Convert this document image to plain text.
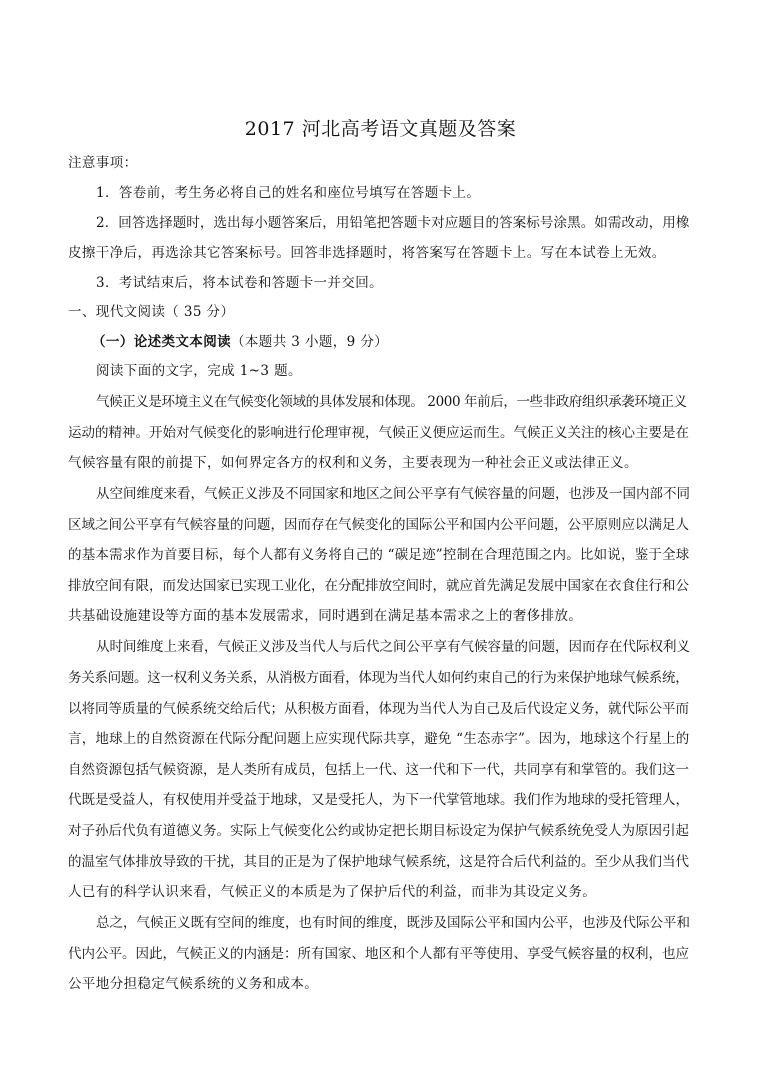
2017 河北高考语文真题及答案
注意事项：
1．答卷前，考生务必将自己的姓名和座位号填写在答题卡上。
2．回答选择题时，选出每小题答案后，用铅笔把答题卡对应题目的答案标号涂黑。如需改动，用橡
皮擦干净后，再选涂其它答案标号。回答非选择题时，将答案写在答题卡上。写在本试卷上无效。
3．考试结束后，将本试卷和答题卡一并交回。
一、现代文阅读（ 35 分）
（一）论述类文本阅读（本题共 3 小题，9 分）
阅读下面的文字，完成 1~3 题。
气候正义是环境主义在气候变化领域的具体发展和体现。 2000 年前后，一些非政府组织承袭环境正义
运动的精神。开始对气候变化的影响进行伦理审视，气候正义便应运而生。气候正义关注的核心主要是在
气候容量有限的前提下，如何界定各方的权利和义务，主要表现为一种社会正义或法律正义。
从空间维度来看，气候正义涉及不同国家和地区之间公平享有气候容量的问题，也涉及一国内部不同
区域之间公平享有气候容量的问题，因而存在气候变化的国际公平和国内公平问题，公平原则应以满足人
的基本需求作为首要目标，每个人都有义务将自己的 “碳足迹”控制在合理范围之内。比如说，鉴于全球
排放空间有限，而发达国家已实现工业化，在分配排放空间时，就应首先满足发展中国家在衣食住行和公
共基础设施建设等方面的基本发展需求，同时遇到在满足基本需求之上的奢侈排放。
从时间维度上来看，气候正义涉及当代人与后代之间公平享有气候容量的问题，因而存在代际权利义
务关系问题。这一权利义务关系，从消极方面看，体现为当代人如何约束自己的行为来保护地球气候系统，
以将同等质量的气候系统交给后代；从积极方面看，体现为当代人为自己及后代设定义务，就代际公平而
言，地球上的自然资源在代际分配问题上应实现代际共享，避免 “生态赤字”。因为，地球这个行星上的
自然资源包括气候资源，是人类所有成员，包括上一代、这一代和下一代，共同享有和掌管的。我们这一
代既是受益人，有权使用并受益于地球，又是受托人，为下一代掌管地球。我们作为地球的受托管理人，
对子孙后代负有道德义务。实际上气候变化公约或协定把长期目标设定为保护气候系统免受人为原因引起
的温室气体排放导致的干扰，其目的正是为了保护地球气候系统，这是符合后代利益的。至少从我们当代
人已有的科学认识来看，气候正义的本质是为了保护后代的利益，而非为其设定义务。
总之，气候正义既有空间的维度，也有时间的维度，既涉及国际公平和国内公平，也涉及代际公平和
代内公平。因此，气候正义的内涵是：所有国家、地区和个人都有平等使用、享受气候容量的权利，也应
公平地分担稳定气候系统的义务和成本。
